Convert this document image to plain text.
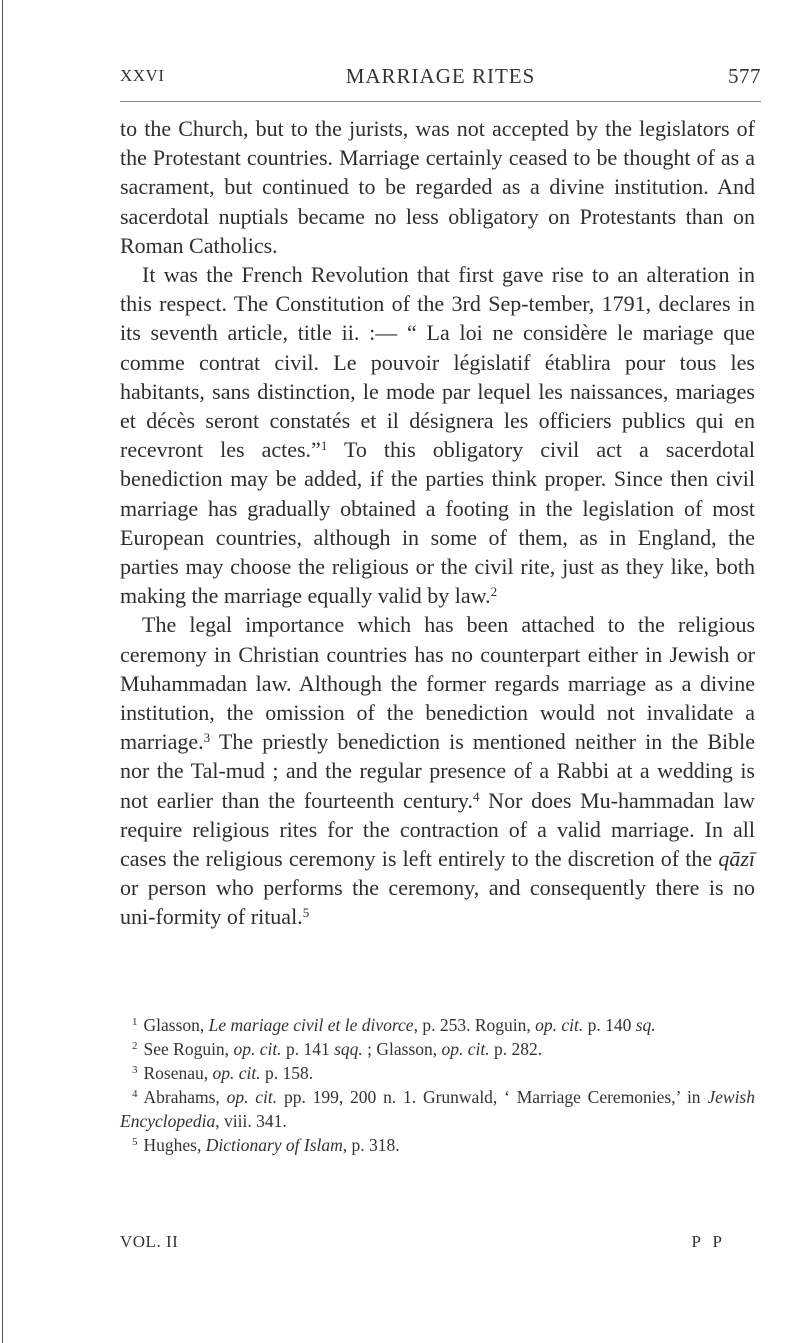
XXVI	MARRIAGE RITES	577

to the Church, but to the jurists, was not accepted by the legislators of the Protestant countries. Marriage certainly ceased to be thought of as a sacrament, but continued to be regarded as a divine institution. And sacerdotal nuptials became no less obligatory on Protestants than on Roman Catholics.

It was the French Revolution that first gave rise to an alteration in this respect. The Constitution of the 3rd Sep-tember, 1791, declares in its seventh article, title ii. :— “ La loi ne considère le mariage que comme contrat civil. Le pouvoir législatif établira pour tous les habitants, sans distinction, le mode par lequel les naissances, mariages et décès seront constatés et il désignera les officiers publics qui en recevront les actes.”$^1$ To this obligatory civil act a sacerdotal benediction may be added, if the parties think proper. Since then civil marriage has gradually obtained a footing in the legislation of most European countries, although in some of them, as in England, the parties may choose the religious or the civil rite, just as they like, both making the marriage equally valid by law.$^2$

The legal importance which has been attached to the religious ceremony in Christian countries has no counterpart either in Jewish or Muhammadan law. Although the former regards marriage as a divine institution, the omission of the benediction would not invalidate a marriage.$^3$ The priestly benediction is mentioned neither in the Bible nor the Tal-mud ; and the regular presence of a Rabbi at a wedding is not earlier than the fourteenth century.$^4$ Nor does Mu-hammadan law require religious rites for the contraction of a valid marriage. In all cases the religious ceremony is left entirely to the discretion of the qāzī or person who performs the ceremony, and consequently there is no uni-formity of ritual.$^5$

$^1$ Glasson, Le mariage civil et le divorce, p. 253. Roguin, op. cit. p. 140 sq.

$^2$ See Roguin, op. cit. p. 141 sqq. ; Glasson, op. cit. p. 282.

$^3$ Rosenau, op. cit. p. 158.

$^4$ Abrahams, op. cit. pp. 199, 200 n. 1. Grunwald, ‘ Marriage Ceremonies,’ in Jewish Encyclopedia, viii. 341.

$^5$ Hughes, Dictionary of Islam, p. 318.

VOL. II	P P
